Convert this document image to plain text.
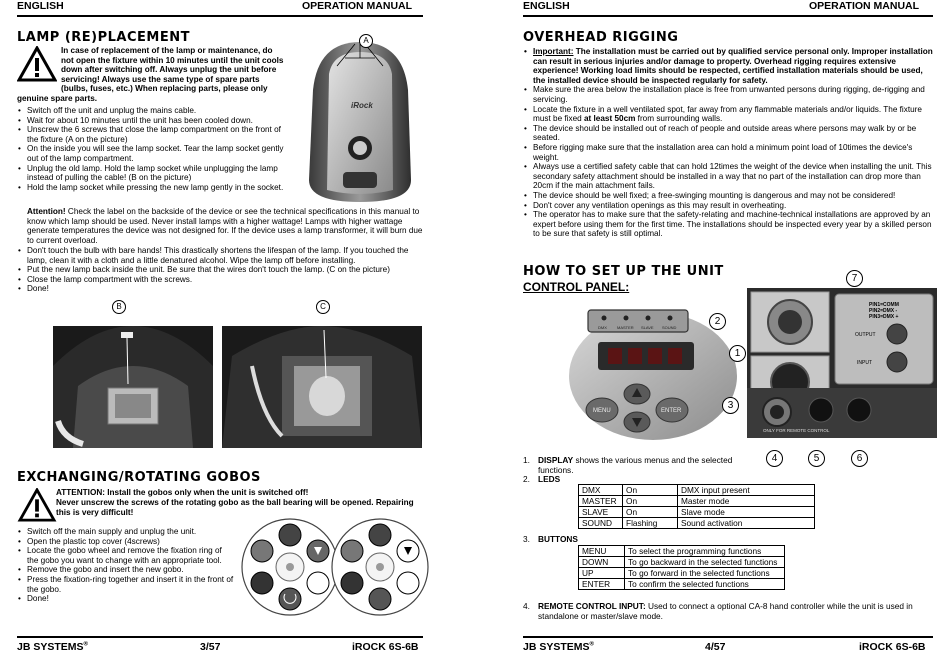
ENGLISH	OPERATION MANUAL
LAMP (RE)PLACEMENT
In case of replacement of the lamp or maintenance, do not open the fixture within 10 minutes until the unit cools down after switching off. Always unplug the unit before servicing! Always use the same type of spare parts (bulbs, fuses, etc.) When replacing parts, please only genuine spare parts.
• Switch off the unit and unplug the mains cable.
• Wait for about 10 minutes until the unit has been cooled down.
• Unscrew the 6 screws that close the lamp compartment on the front of the fixture (A on the picture)
• On the inside you will see the lamp socket. Tear the lamp socket gently out of the lamp compartment.
• Unplug the old lamp. Hold the lamp socket while unplugging the lamp instead of pulling the cable! (B on the picture)
• Hold the lamp socket while pressing the new lamp gently in the socket.
Attention! Check the label on the backside of the device or see the technical specifications in this manual to know which lamp should be used. Never install lamps with a higher wattage! Lamps with higher wattage generate temperatures the device was not designed for. If the device uses a lamp transformer, it will burn due to current overload.
• Don't touch the bulb with bare hands! This drastically shortens the lifespan of the lamp. If you touched the lamp, clean it with a cloth and a little denatured alcohol. Wipe the lamp off before installing.
• Put the new lamp back inside the unit. Be sure that the wires don't touch the lamp. (C on the picture)
• Close the lamp compartment with the screws.
• Done!
iRock
A
B	C
EXCHANGING/ROTATING GOBOS
ATTENTION: Install the gobos only when the unit is switched off!
Never unscrew the screws of the rotating gobo as the ball bearing will be opened. Repairing this is very difficult!
• Switch off the main supply and unplug the unit.
• Open the plastic top cover (4screws)
• Locate the gobo wheel and remove the fixation ring of the gobo you want to change with an appropriate tool.
• Remove the gobo and insert the new gobo.
• Press the fixation-ring together and insert it in the front of the gobo.
• Done!
JB SYSTEMS®	3/57	iROCK 6S-6B
ENGLISH	OPERATION MANUAL
OVERHEAD RIGGING
• Important: The installation must be carried out by qualified service personal only. Improper installation can result in serious injuries and/or damage to property. Overhead rigging requires extensive experience! Working load limits should be respected, certified installation materials should be used, the installed device should be inspected regularly for safety.
• Make sure the area below the installation place is free from unwanted persons during rigging, de-rigging and servicing.
• Locate the fixture in a well ventilated spot, far away from any flammable materials and/or liquids. The fixture must be fixed at least 50cm from surrounding walls.
• The device should be installed out of reach of people and outside areas where persons may walk by or be seated.
• Before rigging make sure that the installation area can hold a minimum point load of 10times the device's weight.
• Always use a certified safety cable that can hold 12times the weight of the device when installing the unit. This secondary safety attachment should be installed in a way that no part of the installation can drop more than 20cm if the main attachment fails.
• The device should be well fixed; a free-swinging mounting is dangerous and may not be considered!
• Don't cover any ventilation openings as this may result in overheating.
• The operator has to make sure that the safety-relating and machine-technical installations are approved by an expert before using them for the first time. The installations should be inspected every year by a skilled person to be sure that safety is still optimal.
HOW TO SET UP THE UNIT
CONTROL PANEL:
DMX	MASTER SLAVE SOUND
MENU	ENTER
PIN1=COMM
PIN2=DMX -
PIN3=DMX +
OUTPUT
INPUT
ONLY FOR REMOTE CONTROL
2
1
3
4	5	6
7
1. DISPLAY shows the various menus and the selected functions.
2. LEDS
DMX	On	DMX input present
MASTER	On	Master mode
SLAVE	On	Slave mode
SOUND	Flashing	Sound activation
3. BUTTONS
MENU	To select the programming functions
DOWN	To go backward in the selected functions
UP	To go forward in the selected functions
ENTER	To confirm the selected functions
4. REMOTE CONTROL INPUT: Used to connect a optional CA-8 hand controller while the unit is used in standalone or master/slave mode.
JB SYSTEMS®	4/57	iROCK 6S-6B
